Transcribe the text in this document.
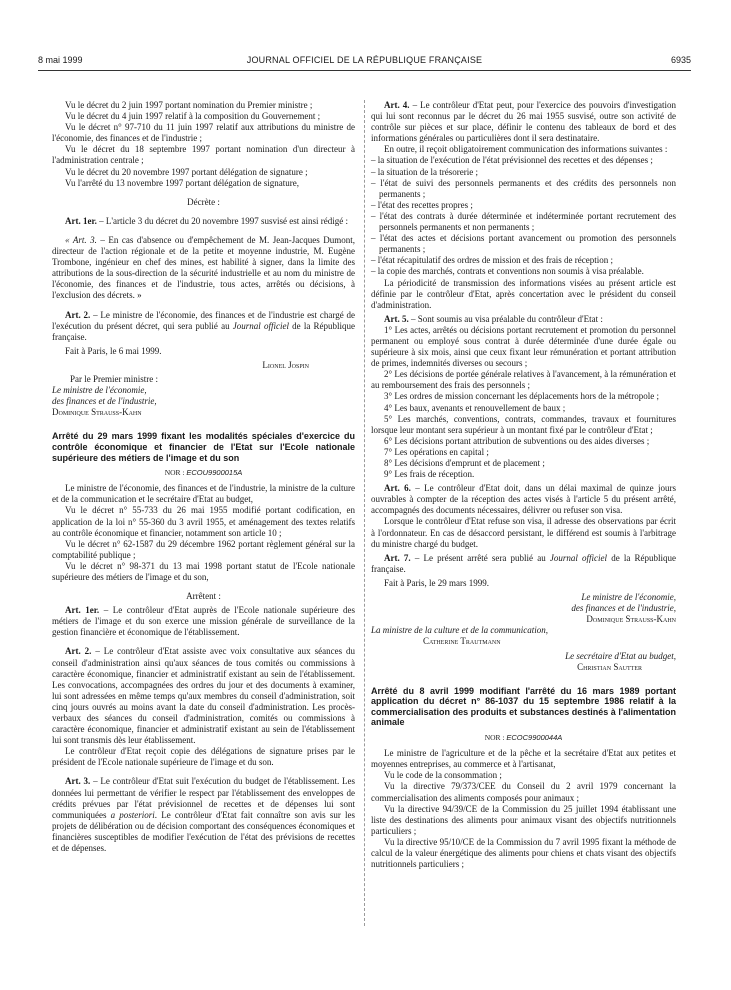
8 mai 1999	JOURNAL OFFICIEL DE LA RÉPUBLIQUE FRANÇAISE	6935

Vu le décret du 2 juin 1997 portant nomination du Premier ministre ;

Vu le décret du 4 juin 1997 relatif à la composition du Gouvernement ;

Vu le décret n° 97-710 du 11 juin 1997 relatif aux attributions du ministre de l'économie, des finances et de l'industrie ;

Vu le décret du 18 septembre 1997 portant nomination d'un directeur à l'administration centrale ;

Vu le décret du 20 novembre 1997 portant délégation de signature ;

Vu l'arrêté du 13 novembre 1997 portant délégation de signature,

Décrète :

Art. 1er. – L'article 3 du décret du 20 novembre 1997 susvisé est ainsi rédigé :

« Art. 3. – En cas d'absence ou d'empêchement de M. Jean-Jacques Dumont, directeur de l'action régionale et de la petite et moyenne industrie, M. Eugène Trombone, ingénieur en chef des mines, est habilité à signer, dans la limite des attributions de la sous-direction de la sécurité industrielle et au nom du ministre de l'économie, des finances et de l'industrie, tous actes, arrêtés ou décisions, à l'exclusion des décrets. »

Art. 2. – Le ministre de l'économie, des finances et de l'industrie est chargé de l'exécution du présent décret, qui sera publié au Journal officiel de la République française.

Fait à Paris, le 6 mai 1999.

Lionel Jospin

Par le Premier ministre :

Le ministre de l'économie,

des finances et de l'industrie,

Dominique Strauss-Kahn

Arrêté du 29 mars 1999 fixant les modalités spéciales d'exercice du contrôle économique et financier de l'Etat sur l'Ecole nationale supérieure des métiers de l'image et du son

NOR : ECOU9900015A

Le ministre de l'économie, des finances et de l'industrie, la ministre de la culture et de la communication et le secrétaire d'Etat au budget,

Vu le décret n° 55-733 du 26 mai 1955 modifié portant codification, en application de la loi n° 55-360 du 3 avril 1955, et aménagement des textes relatifs au contrôle économique et financier, notamment son article 10 ;

Vu le décret n° 62-1587 du 29 décembre 1962 portant règlement général sur la comptabilité publique ;

Vu le décret n° 98-371 du 13 mai 1998 portant statut de l'Ecole nationale supérieure des métiers de l'image et du son,

Arrêtent :

Art. 1er. – Le contrôleur d'Etat auprès de l'Ecole nationale supérieure des métiers de l'image et du son exerce une mission générale de surveillance de la gestion financière et économique de l'établissement.

Art. 2. – Le contrôleur d'Etat assiste avec voix consultative aux séances du conseil d'administration ainsi qu'aux séances de tous comités ou commissions à caractère économique, financier et administratif existant au sein de l'établissement. Les convocations, accompagnées des ordres du jour et des documents à examiner, lui sont adressées en même temps qu'aux membres du conseil d'administration, soit cinq jours ouvrés au moins avant la date du conseil d'administration. Les procès-verbaux des séances du conseil d'administration, comités ou commissions à caractère économique, financier et administratif existant au sein de l'établissement lui sont transmis dès leur établissement.

Le contrôleur d'Etat reçoit copie des délégations de signature prises par le président de l'Ecole nationale supérieure de l'image et du son.

Art. 3. – Le contrôleur d'Etat suit l'exécution du budget de l'établissement. Les données lui permettant de vérifier le respect par l'établissement des enveloppes de crédits prévues par l'état prévisionnel de recettes et de dépenses lui sont communiquées a posteriori. Le contrôleur d'Etat fait connaître son avis sur les projets de délibération ou de décision comportant des conséquences économiques et financières susceptibles de modifier l'exécution de l'état des prévisions de recettes et de dépenses.

Art. 4. – Le contrôleur d'Etat peut, pour l'exercice des pouvoirs d'investigation qui lui sont reconnus par le décret du 26 mai 1955 susvisé, outre son activité de contrôle sur pièces et sur place, définir le contenu des tableaux de bord et des informations générales ou particulières dont il sera destinataire.

En outre, il reçoit obligatoirement communication des informations suivantes :

– la situation de l'exécution de l'état prévisionnel des recettes et des dépenses ;

– la situation de la trésorerie ;

– l'état de suivi des personnels permanents et des crédits des personnels non permanents ;

– l'état des recettes propres ;

– l'état des contrats à durée déterminée et indéterminée portant recrutement des personnels permanents et non permanents ;

– l'état des actes et décisions portant avancement ou promotion des personnels permanents ;

– l'état récapitulatif des ordres de mission et des frais de réception ;

– la copie des marchés, contrats et conventions non soumis à visa préalable.

La périodicité de transmission des informations visées au présent article est définie par le contrôleur d'Etat, après concertation avec le président du conseil d'administration.

Art. 5. – Sont soumis au visa préalable du contrôleur d'Etat :

1° Les actes, arrêtés ou décisions portant recrutement et promotion du personnel permanent ou employé sous contrat à durée déterminée d'une durée égale ou supérieure à six mois, ainsi que ceux fixant leur rémunération et portant attribution de primes, indemnités diverses ou secours ;

2° Les décisions de portée générale relatives à l'avancement, à la rémunération et au remboursement des frais des personnels ;

3° Les ordres de mission concernant les déplacements hors de la métropole ;

4° Les baux, avenants et renouvellement de baux ;

5° Les marchés, conventions, contrats, commandes, travaux et fournitures lorsque leur montant sera supérieur à un montant fixé par le contrôleur d'Etat ;

6° Les décisions portant attribution de subventions ou des aides diverses ;

7° Les opérations en capital ;

8° Les décisions d'emprunt et de placement ;

9° Les frais de réception.

Art. 6. – Le contrôleur d'Etat doit, dans un délai maximal de quinze jours ouvrables à compter de la réception des actes visés à l'article 5 du présent arrêté, accompagnés des documents nécessaires, délivrer ou refuser son visa.

Lorsque le contrôleur d'Etat refuse son visa, il adresse des observations par écrit à l'ordonnateur. En cas de désaccord persistant, le différend est soumis à l'arbitrage du ministre chargé du budget.

Art. 7. – Le présent arrêté sera publié au Journal officiel de la République française.

Fait à Paris, le 29 mars 1999.

Le ministre de l'économie,

des finances et de l'industrie,

Dominique Strauss-Kahn

La ministre de la culture et de la communication,

Catherine Trautmann

Le secrétaire d'Etat au budget,

Christian Sautter

Arrêté du 8 avril 1999 modifiant l'arrêté du 16 mars 1989 portant application du décret n° 86-1037 du 15 septembre 1986 relatif à la commercialisation des produits et substances destinés à l'alimentation animale

NOR : ECOC9900044A

Le ministre de l'agriculture et de la pêche et la secrétaire d'Etat aux petites et moyennes entreprises, au commerce et à l'artisanat,

Vu le code de la consommation ;

Vu la directive 79/373/CEE du Conseil du 2 avril 1979 concernant la commercialisation des aliments composés pour animaux ;

Vu la directive 94/39/CE de la Commission du 25 juillet 1994 établissant une liste des destinations des aliments pour animaux visant des objectifs nutritionnels particuliers ;

Vu la directive 95/10/CE de la Commission du 7 avril 1995 fixant la méthode de calcul de la valeur énergétique des aliments pour chiens et chats visant des objectifs nutritionnels particuliers ;
